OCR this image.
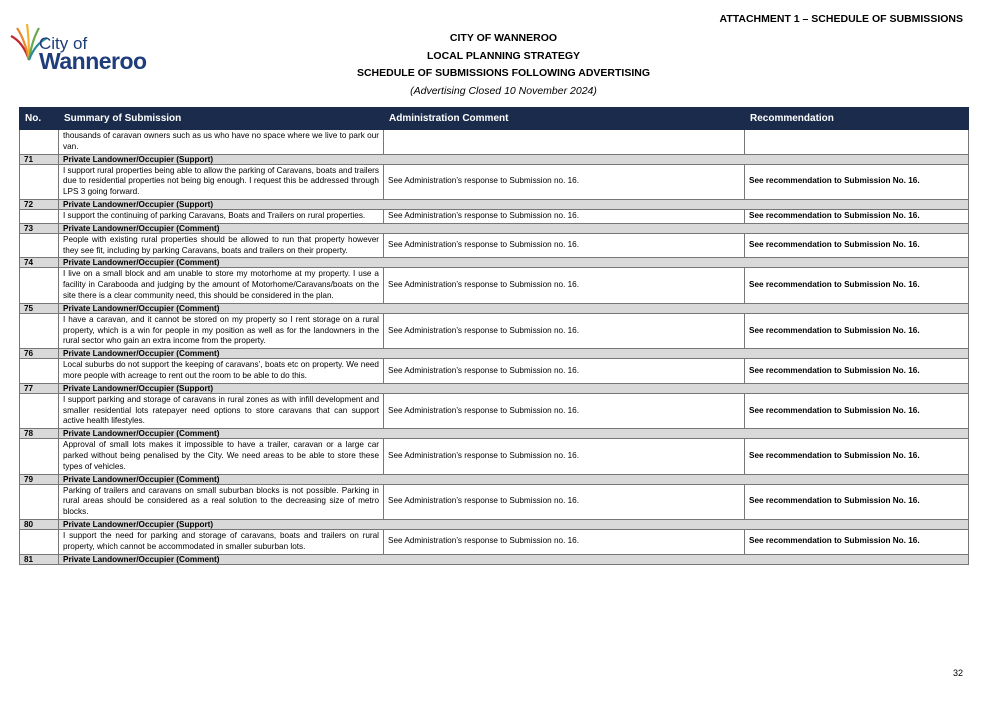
ATTACHMENT 1 – SCHEDULE OF SUBMISSIONS
City of
Wanneroo
CITY OF WANNEROO
LOCAL PLANNING STRATEGY
SCHEDULE OF SUBMISSIONS FOLLOWING ADVERTISING
(Advertising Closed 10 November 2024)
No.	Summary of Submission	Administration Comment	Recommendation
	thousands of caravan owners such as us who have no space where we live to park our van.		
71	Private Landowner/Occupier (Support)		
	I support rural properties being able to allow the parking of Caravans, boats and trailers due to residential properties not being big enough. I request this be addressed through LPS 3 going forward.	See Administration’s response to Submission no. 16.	See recommendation to Submission No. 16.
72	Private Landowner/Occupier (Support)		
	I support the continuing of parking Caravans, Boats and Trailers on rural properties.	See Administration’s response to Submission no. 16.	See recommendation to Submission No. 16.
73	Private Landowner/Occupier (Comment)		
	People with existing rural properties should be allowed to run that property however they see fit, including by parking Caravans, boats and trailers on their property.	See Administration’s response to Submission no. 16.	See recommendation to Submission No. 16.
74	Private Landowner/Occupier (Comment)		
	I live on a small block and am unable to store my motorhome at my property. I use a facility in Carabooda and judging by the amount of Motorhome/Caravans/boats on the site there is a clear community need, this should be considered in the plan.	See Administration’s response to Submission no. 16.	See recommendation to Submission No. 16.
75	Private Landowner/Occupier (Comment)		
	I have a caravan, and it cannot be stored on my property so I rent storage on a rural property, which is a win for people in my position as well as for the landowners in the rural sector who gain an extra income from the property.	See Administration’s response to Submission no. 16.	See recommendation to Submission No. 16.
76	Private Landowner/Occupier (Comment)		
	Local suburbs do not support the keeping of caravans’, boats etc on property. We need more people with acreage to rent out the room to be able to do this.	See Administration’s response to Submission no. 16.	See recommendation to Submission No. 16.
77	Private Landowner/Occupier (Support)		
	I support parking and storage of caravans in rural zones as with infill development and smaller residential lots ratepayer need options to store caravans that can support active health lifestyles.	See Administration’s response to Submission no. 16.	See recommendation to Submission No. 16.
78	Private Landowner/Occupier (Comment)		
	Approval of small lots makes it impossible to have a trailer, caravan or a large car parked without being penalised by the City. We need areas to be able to store these types of vehicles.	See Administration’s response to Submission no. 16.	See recommendation to Submission No. 16.
79	Private Landowner/Occupier (Comment)		
	Parking of trailers and caravans on small suburban blocks is not possible. Parking in rural areas should be considered as a real solution to the decreasing size of metro blocks.	See Administration’s response to Submission no. 16.	See recommendation to Submission No. 16.
80	Private Landowner/Occupier (Support)		
	I support the need for parking and storage of caravans, boats and trailers on rural property, which cannot be accommodated in smaller suburban lots.	See Administration’s response to Submission no. 16.	See recommendation to Submission No. 16.
81	Private Landowner/Occupier (Comment)		
32
